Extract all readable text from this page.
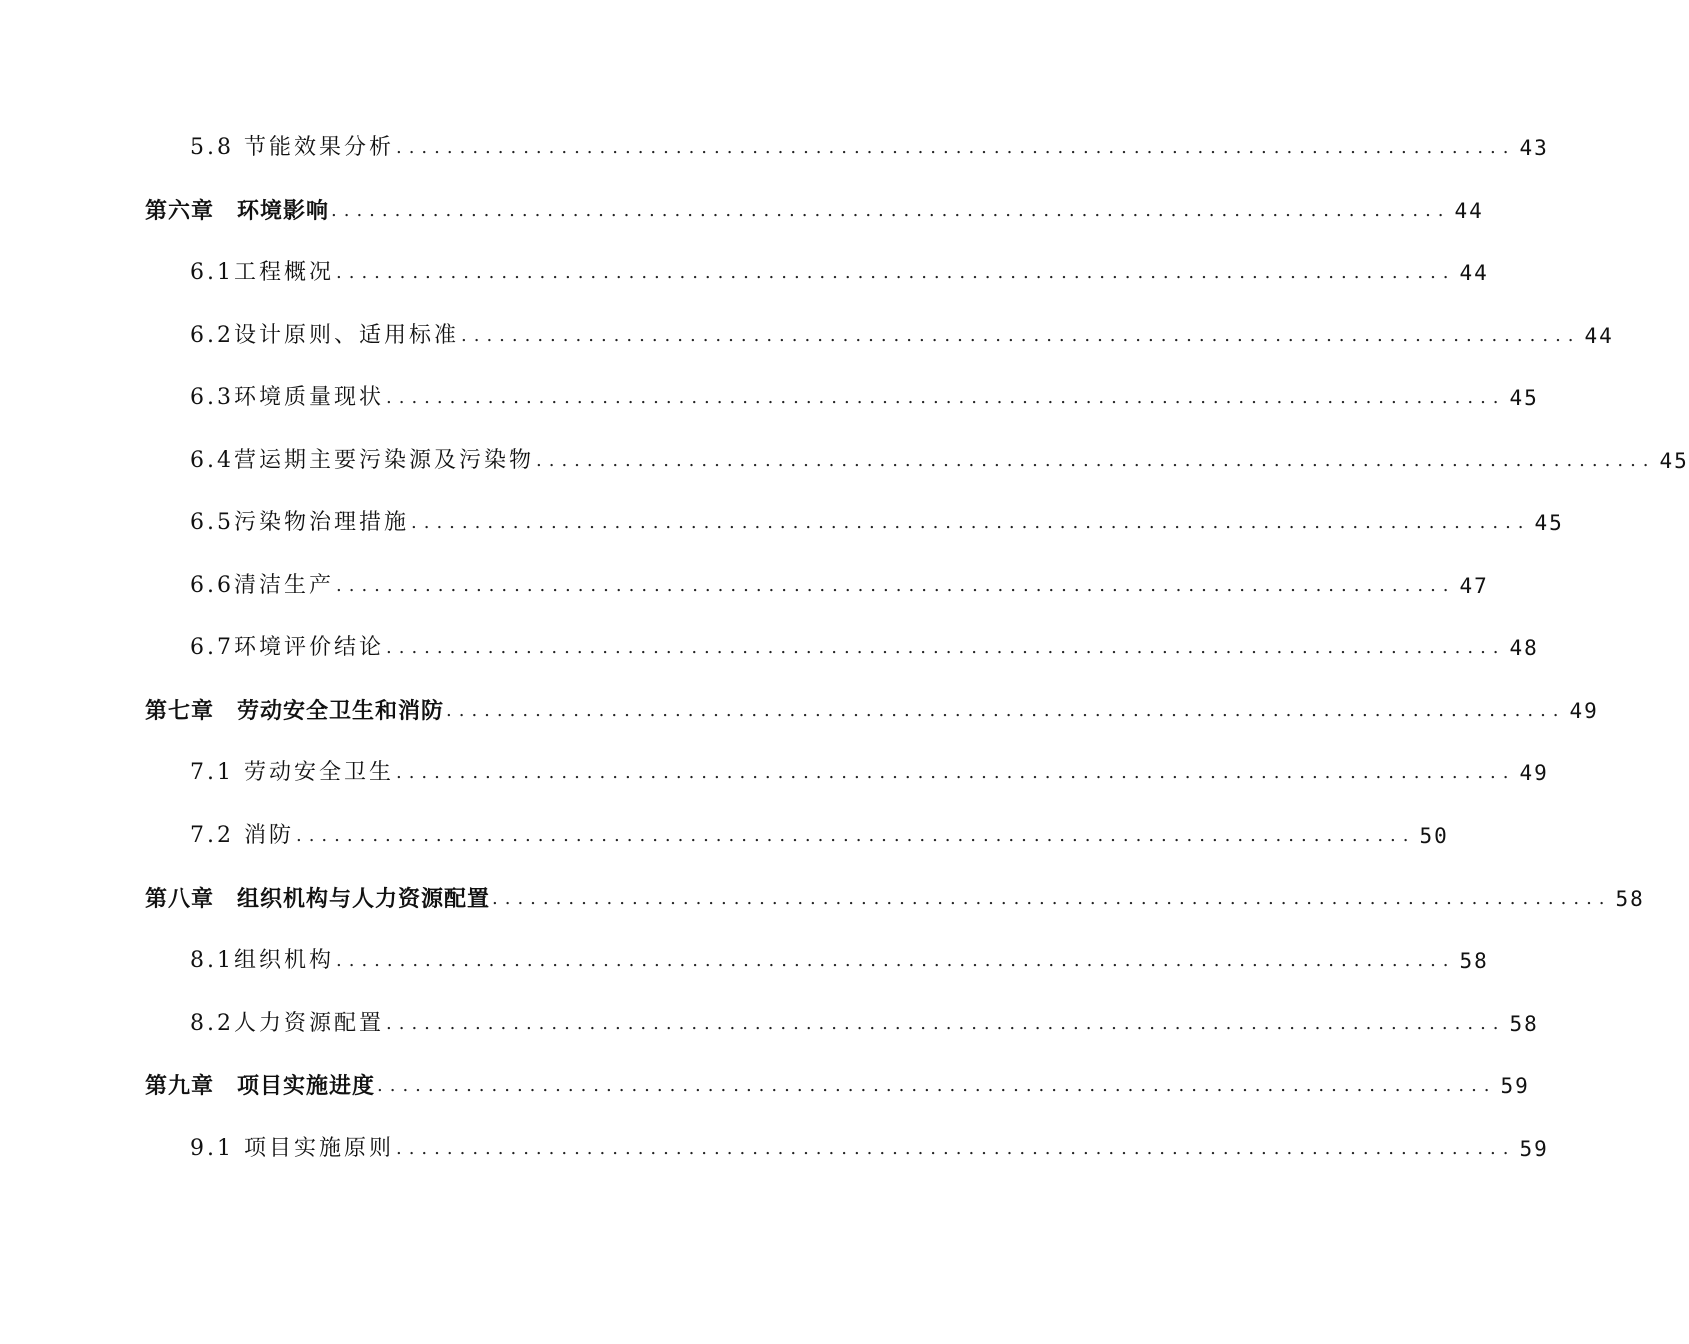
5.8 节能效果分析 ........................................................................................ 43
第六章　环境影响 ........................................................................................ 44
6.1工程概况 ........................................................................................ 44
6.2设计原则、适用标准 ........................................................................................ 44
6.3环境质量现状 ........................................................................................ 45
6.4营运期主要污染源及污染物 ........................................................................................ 45
6.5污染物治理措施 ........................................................................................ 45
6.6清洁生产 ........................................................................................ 47
6.7环境评价结论 ........................................................................................ 48
第七章　劳动安全卫生和消防 ........................................................................................ 49
7.1 劳动安全卫生 ........................................................................................ 49
7.2 消防 ........................................................................................ 50
第八章　组织机构与人力资源配置 ........................................................................................ 58
8.1组织机构 ........................................................................................ 58
8.2人力资源配置 ........................................................................................ 58
第九章　项目实施进度 ........................................................................................ 59
9.1 项目实施原则 ........................................................................................ 59
